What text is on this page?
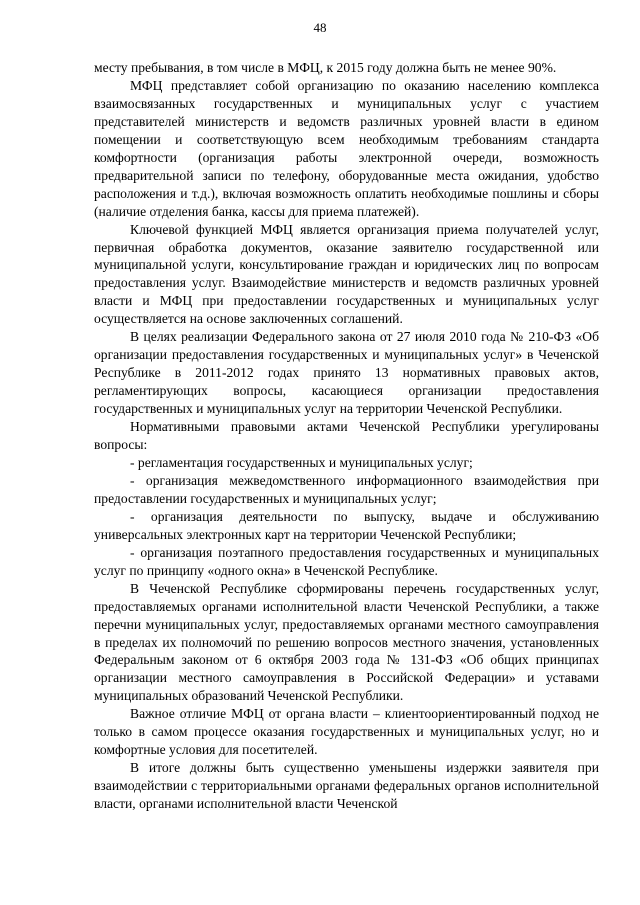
48

месту пребывания, в том числе в МФЦ, к 2015 году должна быть не менее 90%.

МФЦ представляет собой организацию по оказанию населению комплекса взаимосвязанных государственных и муниципальных услуг с участием представителей министерств и ведомств различных уровней власти в едином помещении и соответствующую всем необходимым требованиям стандарта комфортности (организация работы электронной очереди, возможность предварительной записи по телефону, оборудованные места ожидания, удобство расположения и т.д.), включая возможность оплатить необходимые пошлины и сборы (наличие отделения банка, кассы для приема платежей).

Ключевой функцией МФЦ является организация приема получателей услуг, первичная обработка документов, оказание заявителю государственной или муниципальной услуги, консультирование граждан и юридических лиц по вопросам предоставления услуг. Взаимодействие министерств и ведомств различных уровней власти и МФЦ при предоставлении государственных и муниципальных услуг осуществляется на основе заключенных соглашений.

В целях реализации Федерального закона от 27 июля 2010 года № 210-ФЗ «Об организации предоставления государственных и муниципальных услуг» в Чеченской Республике в 2011-2012 годах принято 13 нормативных правовых актов, регламентирующих вопросы, касающиеся организации предоставления государственных и муниципальных услуг на территории Чеченской Республики.

Нормативными правовыми актами Чеченской Республики урегулированы вопросы:

- регламентация государственных и муниципальных услуг;

- организация межведомственного информационного взаимодействия при предоставлении государственных и муниципальных услуг;

- организация деятельности по выпуску, выдаче и обслуживанию универсальных электронных карт на территории Чеченской Республики;

- организация поэтапного предоставления государственных и муниципальных услуг по принципу «одного окна» в Чеченской Республике.

В Чеченской Республике сформированы перечень государственных услуг, предоставляемых органами исполнительной власти Чеченской Республики, а также перечни муниципальных услуг, предоставляемых органами местного самоуправления в пределах их полномочий по решению вопросов местного значения, установленных Федеральным законом от 6 октября 2003 года № 131-ФЗ «Об общих принципах организации местного самоуправления в Российской Федерации» и уставами муниципальных образований Чеченской Республики.

Важное отличие МФЦ от органа власти – клиентоориентированный подход не только в самом процессе оказания государственных и муниципальных услуг, но и комфортные условия для посетителей.

В итоге должны быть существенно уменьшены издержки заявителя при взаимодействии с территориальными органами федеральных органов исполнительной власти, органами исполнительной власти Чеченской
